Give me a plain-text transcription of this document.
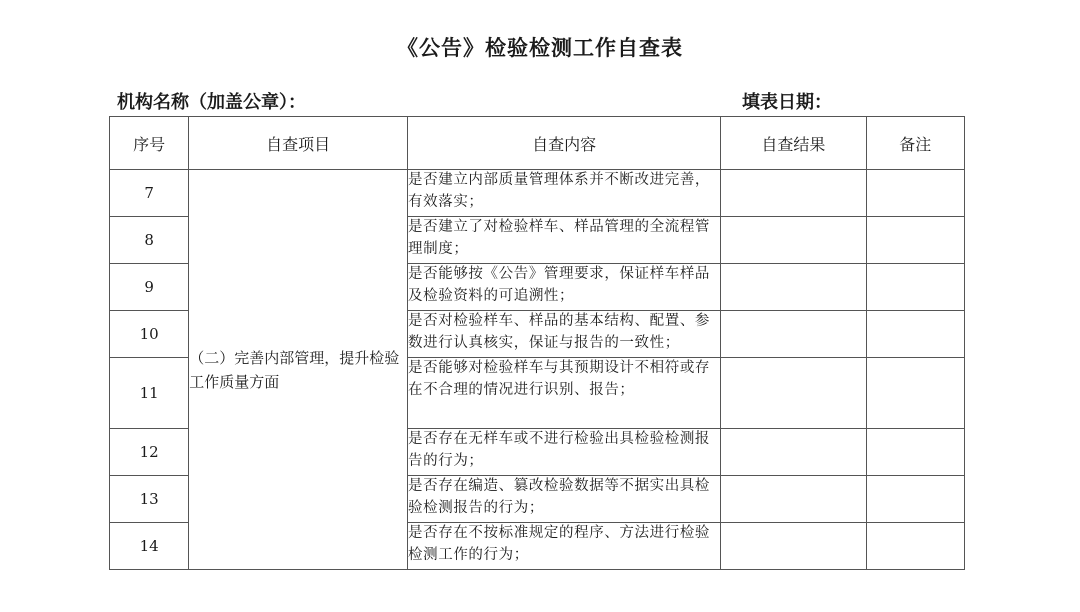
《公告》检验检测工作自查表
机构名称（加盖公章）：	填表日期：
序号	自查项目	自查内容	自查结果	备注
7	（二）完善内部管理，提升检验工作质量方面	是否建立内部质量管理体系并不断改进完善，有效落实；		
8		是否建立了对检验样车、样品管理的全流程管理制度；		
9		是否能够按《公告》管理要求，保证样车样品及检验资料的可追溯性；		
10		是否对检验样车、样品的基本结构、配置、参数进行认真核实，保证与报告的一致性；		
11		是否能够对检验样车与其预期设计不相符或存在不合理的情况进行识别、报告；		
12		是否存在无样车或不进行检验出具检验检测报告的行为；		
13		是否存在编造、篡改检验数据等不据实出具检验检测报告的行为；		
14		是否存在不按标准规定的程序、方法进行检验检测工作的行为；		
